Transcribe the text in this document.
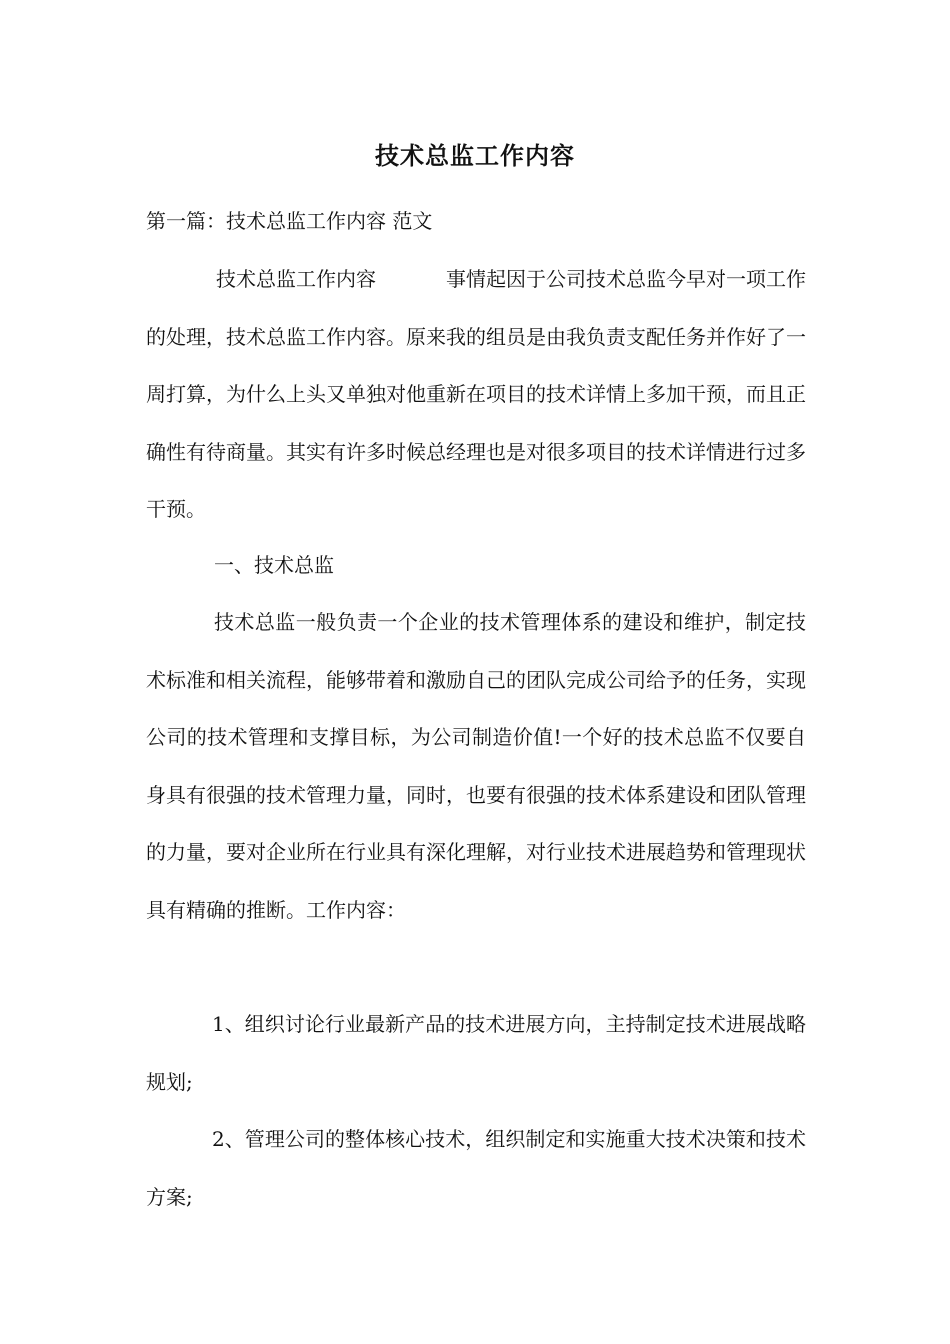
技术总监工作内容
第一篇：技术总监工作内容 范文
技术总监工作内容	事情起因于公司技术总监今早对一项工作的处理，技术总监工作内容。原来我的组员是由我负责支配任务并作好了一周打算，为什么上头又单独对他重新在项目的技术详情上多加干预，而且正确性有待商量。其实有许多时候总经理也是对很多项目的技术详情进行过多干预。
一、技术总监
技术总监一般负责一个企业的技术管理体系的建设和维护，制定技术标准和相关流程，能够带着和激励自己的团队完成公司给予的任务，实现公司的技术管理和支撑目标，为公司制造价值!一个好的技术总监不仅要自身具有很强的技术管理力量，同时，也要有很强的技术体系建设和团队管理的力量，要对企业所在行业具有深化理解，对行业技术进展趋势和管理现状具有精确的推断。工作内容：
1、组织讨论行业最新产品的技术进展方向，主持制定技术进展战略规划;
2、管理公司的整体核心技术，组织制定和实施重大技术决策和技术方案;
